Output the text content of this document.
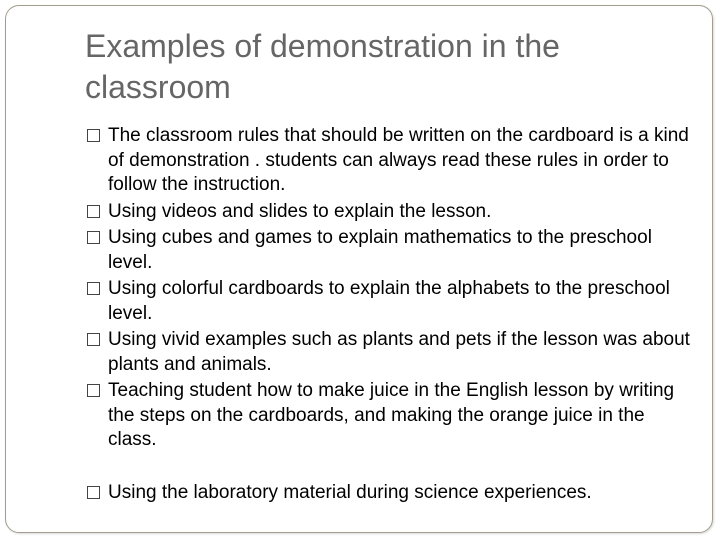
Examples of demonstration in the classroom
The classroom rules that should be written on the cardboard is a kind of demonstration . students can always read these rules in order to follow the instruction.
Using videos and slides to explain the lesson.
Using cubes and games to explain mathematics to the preschool level.
Using colorful cardboards to explain the alphabets to the preschool level.
Using vivid examples such as plants and pets if the lesson was about plants and animals.
Teaching student how to make juice in the English lesson by writing the steps on the cardboards, and making the orange juice in the class.
Using the laboratory material during science experiences.
